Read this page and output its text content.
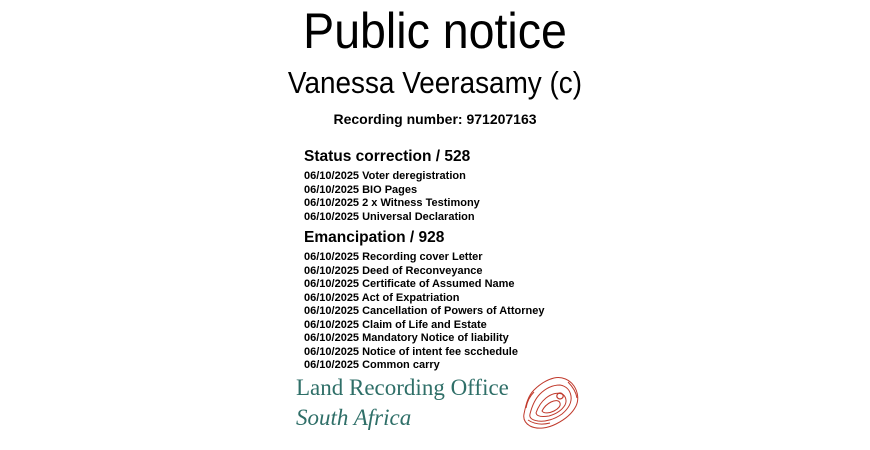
Public notice
Vanessa Veerasamy (c)
Recording number: 971207163
Status correction / 528
06/10/2025 Voter deregistration
06/10/2025 BIO Pages
06/10/2025 2 x Witness Testimony
06/10/2025 Universal Declaration
Emancipation / 928
06/10/2025 Recording cover Letter
06/10/2025 Deed of Reconveyance
06/10/2025 Certificate of Assumed Name
06/10/2025 Act of Expatriation
06/10/2025 Cancellation of Powers of Attorney
06/10/2025 Claim of Life and Estate
06/10/2025 Mandatory Notice of liability
06/10/2025 Notice of intent fee scchedule
06/10/2025 Common carry
Land Recording Office
South Africa
